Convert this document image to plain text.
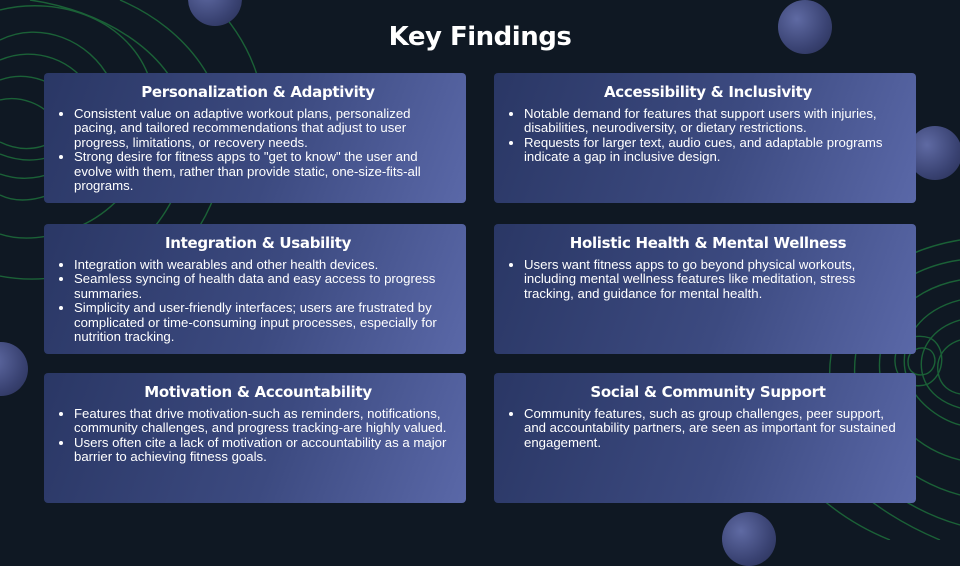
Key Findings
Personalization & Adaptivity
• Consistent value on adaptive workout plans, personalized pacing, and tailored recommendations that adjust to user progress, limitations, or recovery needs.
• Strong desire for fitness apps to "get to know" the user and evolve with them, rather than provide static, one-size-fits-all programs.
Accessibility & Inclusivity
• Notable demand for features that support users with injuries, disabilities, neurodiversity, or dietary restrictions.
• Requests for larger text, audio cues, and adaptable programs indicate a gap in inclusive design.
Integration & Usability
• Integration with wearables and other health devices.
• Seamless syncing of health data and easy access to progress summaries.
• Simplicity and user-friendly interfaces; users are frustrated by complicated or time-consuming input processes, especially for nutrition tracking.
Holistic Health & Mental Wellness
• Users want fitness apps to go beyond physical workouts, including mental wellness features like meditation, stress tracking, and guidance for mental health.
Motivation & Accountability
• Features that drive motivation-such as reminders, notifications, community challenges, and progress tracking-are highly valued.
• Users often cite a lack of motivation or accountability as a major barrier to achieving fitness goals.
Social & Community Support
• Community features, such as group challenges, peer support, and accountability partners, are seen as important for sustained engagement.
